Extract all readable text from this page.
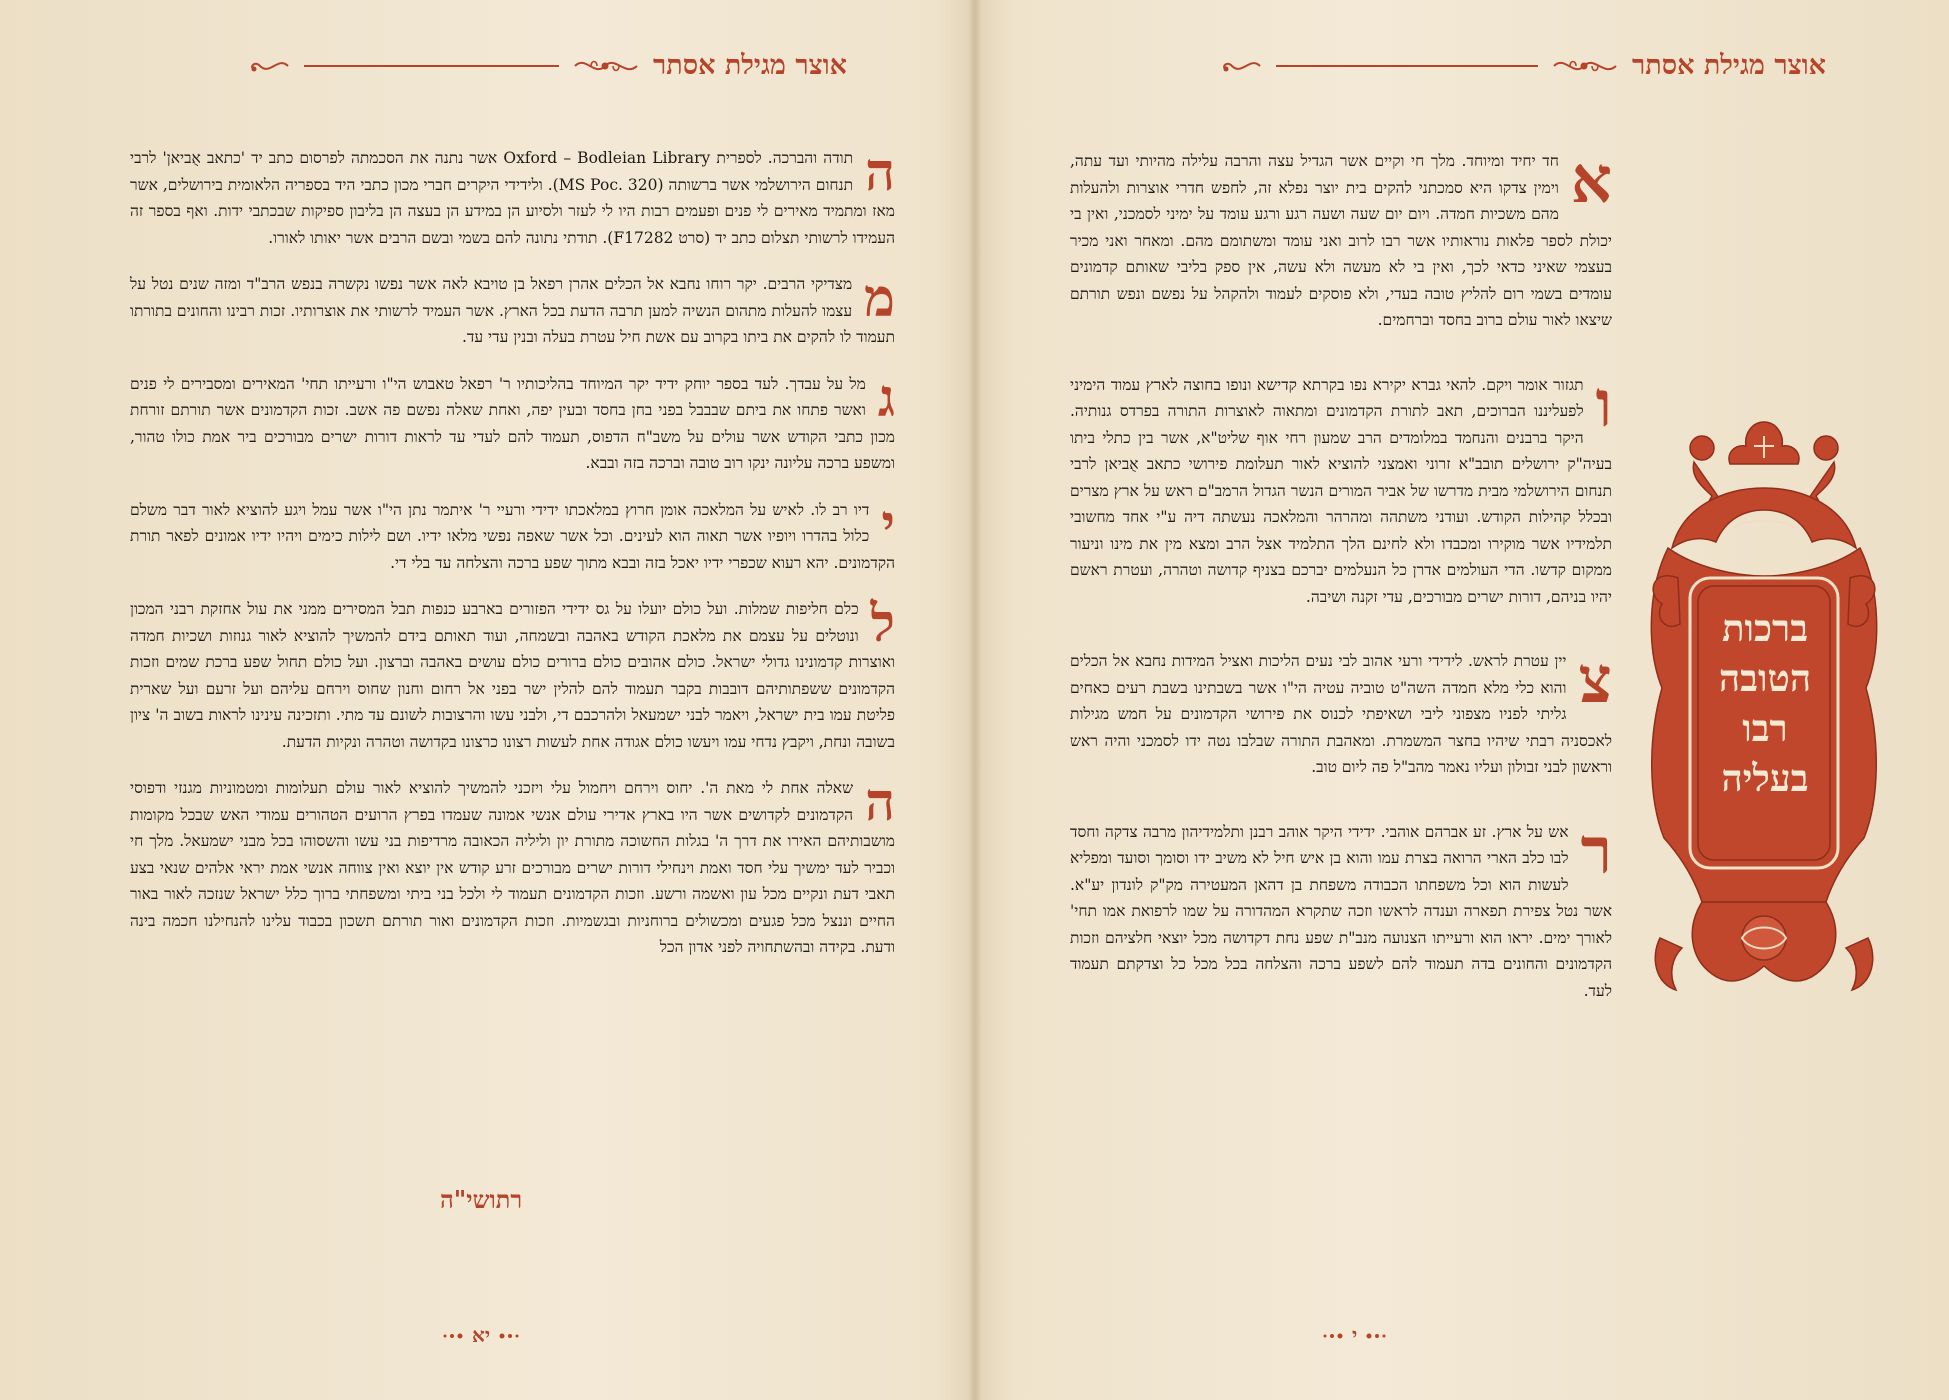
אוצר מגילת אסתר
ה
תודה והברכה. לספרית Oxford – Bodleian Library אשר נתנה את הסכמתה לפרסום כתב יד 'כתאב אֻביאן' לרבי תנחום הירושלמי אשר ברשותה (MS Poc. 320). ולידידי היקרים חברי מכון כתבי היד בספריה הלאומית בירושלים, אשר מאז ומתמיד מאירים לי פנים ופעמים רבות היו לי לעזר ולסיוע הן במידע הן בעצה הן בליבון ספיקות שבכתבי ידות. ואף בספר זה העמידו לרשותי תצלום כתב יד (סרט F17282). תודתי נתונה להם בשמי ובשם הרבים אשר יאותו לאורו.
מ
מצדיקי הרבים. יקר רוחו נחבא אל הכלים אהרן רפאל בן טויבא לאה אשר נפשו נקשרה בנפש הרב"ד ומזה שנים נטל על עצמו להעלות מתהום הנשיה למען תרבה הדעת בכל הארץ. אשר העמיד לרשותי את אוצרותיו. זכות רבינו והחונים בתורתו תעמוד לו להקים את ביתו בקרוב עם אשת חיל עטרת בעלה ובנין עדי עד.
ג
מל על עבדך. לעד בספר יוחק ידיד יקר המיוחד בהליכותיו ר' רפאל טאבוש הי"ו ורעייתו תחי' המאירים ומסבירים לי פנים ואשר פתחו את ביתם שבבבל בפני בחן בחסד ובעין יפה, ואחת שאלה נפשם פה אשב. זכות הקדמונים אשר תורתם זורחת מכון כתבי הקודש אשר עולים על משב"ח הדפוס, תעמוד להם לעדי עד לראות דורות ישרים מבורכים ביר אמת כולו טהור, ומשפע ברכה עליונה ינקו רוב טובה וברכה בזה ובבא.
י
דיו רב לו. לאיש על המלאכה אומן חרוץ במלאכתו ידידי ורעיי ר' איתמר נתן הי"ו אשר עמל ויגע להוציא לאור דבר משלם כלול בהדרו ויופיו אשר תאוה הוא לעינים. וכל אשר שאפה נפשי מלאו ידיו. ושם לילות כימים ויהיו ידיו אמונים לפאר תורת הקדמונים. יהא רעוא שכפרי ידיו יאכל בזה ובבא מתוך שפע ברכה והצלחה עד בלי די.
ל
כלם חליפות שמלות. ועל כולם יועלו על גס ידידי הפזורים בארבע כנפות תבל המסירים ממני את עול אחזקת רבני המכון ונוטלים על עצמם את מלאכת הקודש באהבה ובשמחה, ועוד תאותם בידם להמשיך להוציא לאור גנוזות ושכיות חמדה ואוצרות קדמונינו גדולי ישראל. כולם אהובים כולם ברורים כולם עושים באהבה וברצון. ועל כולם תחול שפע ברכת שמים וזכות הקדמונים ששפתותיהם דובבות בקבר תעמוד להם להלין ישר בפני אל רחום וחנון שחוס וירחם עליהם ועל זרעם ועל שארית פליטת עמו בית ישראל, ויאמר לבני ישמעאל ולהרכבם די, ולבני עשו והרצובות לשונם עד מתי. ותזכינה עינינו לראות בשוב ה' ציון בשובה ונחת, ויקבץ נדחי עמו ויעשו כולם אגודה אחת לעשות רצונו כרצונו בקדושה וטהרה ונקיות הדעת.
ה
שאלה אחת לי מאת ה'. יחוס וירחם ויחמול עלי ויזכני להמשיך להוציא לאור עולם תעלומות ומטמוניות מגנזי ודפוסי הקדמונים לקדושים אשר היו בארץ אדירי עולם אנשי אמונה שעמדו בפרץ הרועים הטהורים עמודי האש שבכל מקומות מושבותיהם האירו את דרך ה' בגלות החשוכה מתורת יון וליליה הכאובה מרדיפות בני עשו והשסוהו בכל מבני ישמעאל. מלך חי וכביר לעד ימשיך עלי חסד ואמת וינחילי דורות ישרים מבורכים זרע קודש אין יוצא ואין צווחה אנשי אמת יראי אלהים שנאי בצע תאבי דעת ונקיים מכל עון ואשמה ורשע. וזכות הקדמונים תעמוד לי ולכל בני ביתי ומשפחתי ברוך כלל ישראל שנזכה לאור באור החיים וננצל מכל פגעים ומכשולים ברוחניות ובגשמיות. וזכות הקדמונים ואור תורתם תשכון בכבוד עלינו להנחילנו חכמה בינה ודעת. בקידה ובהשתחויה לפני אדון הכל
רתושי"ה
יא
אוצר מגילת אסתר
א
חד יחיד ומיוחד. מלך חי וקיים אשר הגדיל עצה והרבה עלילה מהיותי ועד עתה, וימין צדקו היא סמכתני להקים בית יוצר נפלא זה, לחפש חדרי אוצרות ולהעלות מהם משכיות חמדה. ויום יום שעה ושעה רגע ורגע עומד על ימיני לסמכני, ואין בי יכולת לספר פלאות נוראותיו אשר רבו לרוב ואני עומד ומשתומם מהם. ומאחר ואני מכיר בעצמי שאיני כדאי לכך, ואין בי לא מעשה ולא עשה, אין ספק בליבי שאותם קדמונים עומדים בשמי רום להליץ טובה בעדי, ולא פוסקים לעמוד ולהקהל על נפשם ונפש תורתם שיצאו לאור עולם ברוב בחסד וברחמים.
ו
תגזור אומר ויקם. להאי גברא יקירא נפו בקרתא קדישא ונופו בחוצה לארץ עמוד הימיני לפעליננו הברוכים, תאב לתורת הקדמונים ומתאוה לאוצרות התורה בפרדס גנותיה. היקר ברבנים והנחמד במלומדים הרב שמעון רחי אוף שליט"א, אשר בין כתלי ביתו בעיה"ק ירושלים תובב"א זרוני ואמצני להוציא לאור תעלומת פירושי כתאב אֻביאן לרבי תנחום הירושלמי מבית מדרשו של אביר המורים הנשר הגדול הרמב"ם ראש על ארץ מצרים ובכלל קהילות הקודש. ועודני משתהה ומהרהר והמלאכה נעשתה דיה ע"י אחד מחשובי תלמידיו אשר מוקירו ומכבדו ולא לחינם הלך התלמיד אצל הרב ומצא מין את מינו וניעור ממקום קדשו. הדי העולמים אדרן כל הנעלמים יברכם בצניף קדושה וטהרה, ועטרת ראשם יהיו בניהם, דורות ישרים מבורכים, עדי זקנה ושיבה.
צ
יין עטרת לראש. לידידי ורעי אהוב לבי נעים הליכות ואציל המידות נחבא אל הכלים והוא כלי מלא חמדה השה"ט טוביה עטיה הי"ו אשר בשבתינו בשבת רעים כאחים גליתי לפניו מצפוני ליבי ושאיפתי לכנוס את פירושי הקדמונים על חמש מגילות לאכסניה רבתי שיהיו בחצר המשמרת. ומאהבת התורה שבלבו נטה ידו לסמכני והיה ראש וראשון לבני זבולון ועליו נאמר מהב"ל פה ליום טוב.
ר
אש על ארץ. זע אברהם אוהבי. ידידי היקר אוהב רבנן ותלמידיהון מרבה צדקה וחסד לבו כלב הארי הרואה בצרת עמו והוא בן איש חיל לא משיב ידו וסומך וסועד ומפליא לעשות הוא וכל משפחתו הכבודה משפחת בן דהאן המעטירה מק"ק לונדון יע"א. אשר נטל צפירת תפארה וענדה לראשו וזכה שתקרא המהדורה על שמו לרפואת אמו תחי' לאורך ימים. יראו הוא ורעייתו הצנועה מנב"ת שפע נחת דקדושה מכל יוצאי חלציהם וזכות הקדמונים והחונים בדה תעמוד להם לשפע ברכה והצלחה בכל מכל כל וצדקתם תעמוד לעד.
ברכות
הטובה
רבו
בעליה
י
